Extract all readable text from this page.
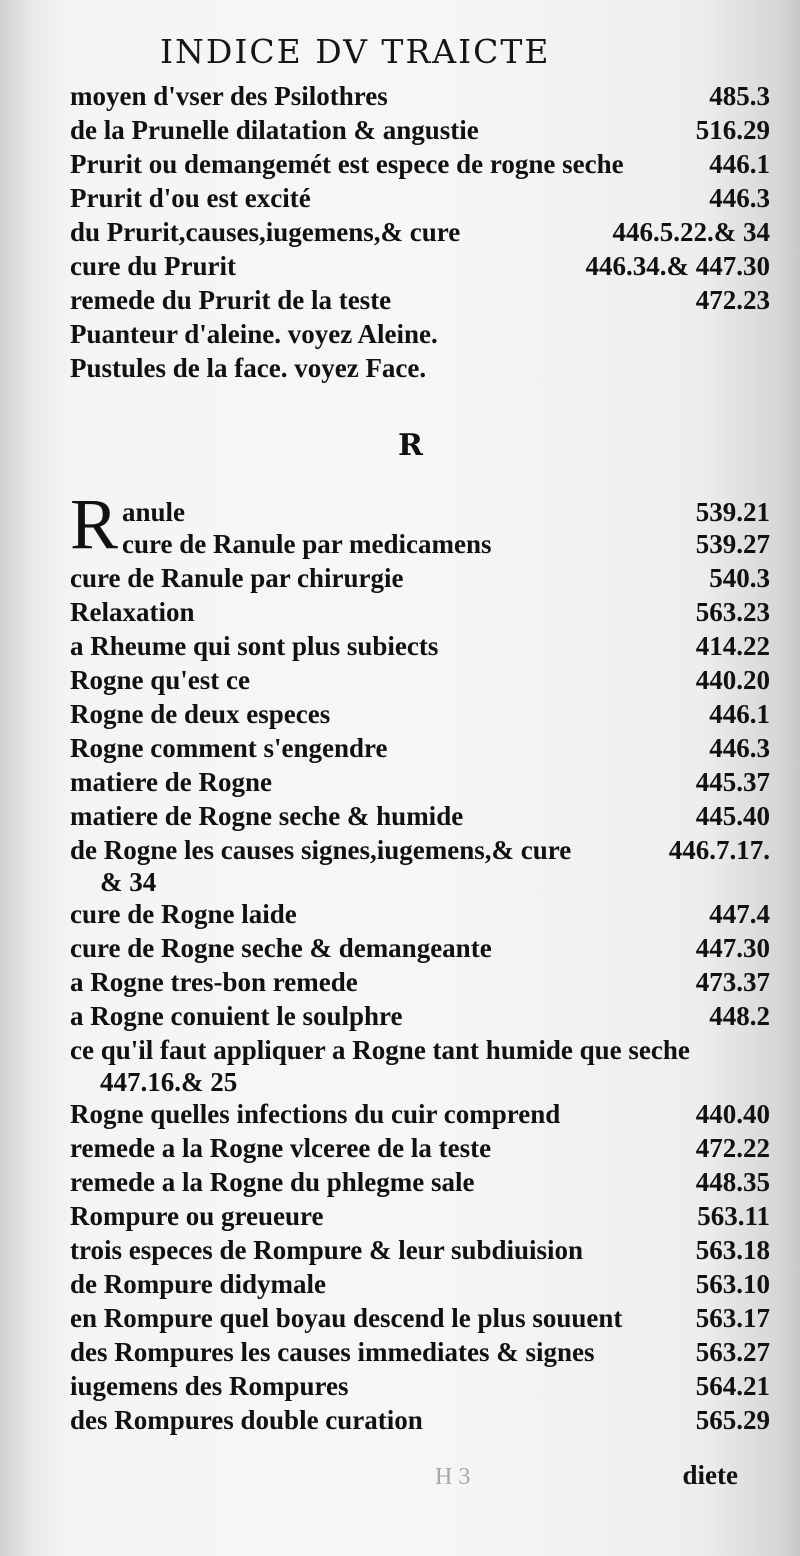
INDICE DV TRAICTE
moyen d'vser des Psilothres	485.3
de la Prunelle dilatation & angustie	516.29
Prurit ou demangemét est espece de rogne seche	446.1
Prurit d'ou est excité	446.3
du Prurit,causes,iugemens,& cure	446.5.22.& 34
cure du Prurit	446.34.& 447.30
remede du Prurit de la teste	472.23
Puanteur d'aleine. voyez Aleine.
Pustules de la face. voyez Face.
R
R anule	539.21
cure de Ranule par medicamens	539.27
cure de Ranule par chirurgie	540.3
Relaxation	563.23
a Rheume qui sont plus subiects	414.22
Rogne qu'est ce	440.20
Rogne de deux especes	446.1
Rogne comment s'engendre	446.3
matiere de Rogne	445.37
matiere de Rogne seche & humide	445.40
de Rogne les causes signes,iugemens,& cure	446.7.17.
& 34
cure de Rogne laide	447.4
cure de Rogne seche & demangeante	447.30
a Rogne tres-bon remede	473.37
a Rogne conuient le soulphre	448.2
ce qu'il faut appliquer a Rogne tant humide que seche
447.16.& 25
Rogne quelles infections du cuir comprend	440.40
remede a la Rogne vlceree de la teste	472.22
remede a la Rogne du phlegme sale	448.35
Rompure ou greueure	563.11
trois especes de Rompure & leur subdiuision	563.18
de Rompure didymale	563.10
en Rompure quel boyau descend le plus souuent	563.17
des Rompures les causes immediates & signes	563.27
iugemens des Rompures	564.21
des Rompures double curation	565.29
H 3	diete
